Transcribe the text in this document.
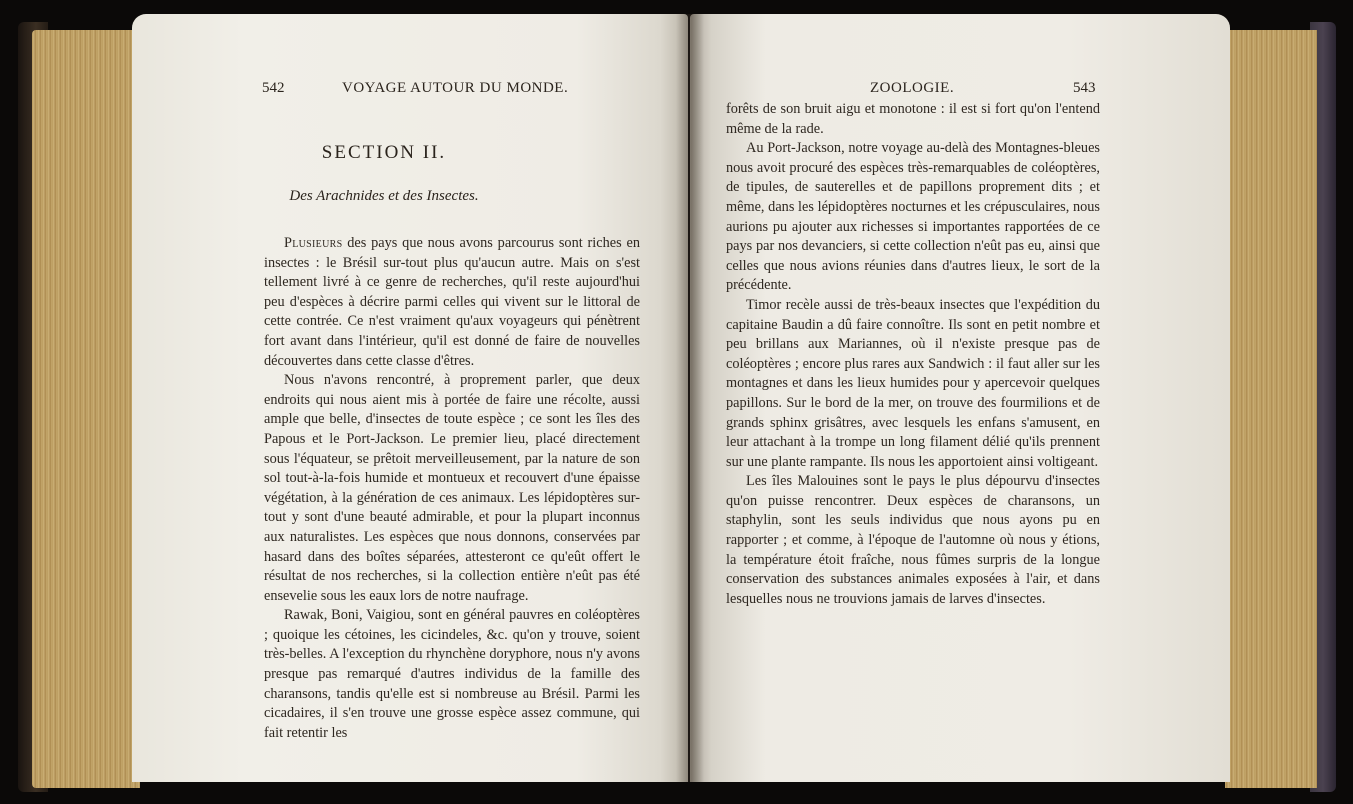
542	VOYAGE AUTOUR DU MONDE.
SECTION II.
Des Arachnides et des Insectes.

Plusieurs des pays que nous avons parcourus sont riches en insectes : le Brésil sur-tout plus qu'aucun autre. Mais on s'est tellement livré à ce genre de recherches, qu'il reste aujourd'hui peu d'espèces à décrire parmi celles qui vivent sur le littoral de cette contrée. Ce n'est vraiment qu'aux voyageurs qui pénètrent fort avant dans l'intérieur, qu'il est donné de faire de nouvelles découvertes dans cette classe d'êtres.

Nous n'avons rencontré, à proprement parler, que deux endroits qui nous aient mis à portée de faire une récolte, aussi ample que belle, d'insectes de toute espèce ; ce sont les îles des Papous et le Port-Jackson. Le premier lieu, placé directement sous l'équateur, se prêtoit merveilleusement, par la nature de son sol tout-à-la-fois humide et montueux et recouvert d'une épaisse végétation, à la génération de ces animaux. Les lépidoptères sur-tout y sont d'une beauté admirable, et pour la plupart inconnus aux naturalistes. Les espèces que nous donnons, conservées par hasard dans des boîtes séparées, attesteront ce qu'eût offert le résultat de nos recherches, si la collection entière n'eût pas été ensevelie sous les eaux lors de notre naufrage.

Rawak, Boni, Vaigiou, sont en général pauvres en coléoptères ; quoique les cétoines, les cicindeles, &c. qu'on y trouve, soient très-belles. A l'exception du rhynchène doryphore, nous n'y avons presque pas remarqué d'autres individus de la famille des charansons, tandis qu'elle est si nombreuse au Brésil. Parmi les cicadaires, il s'en trouve une grosse espèce assez commune, qui fait retentir les

ZOOLOGIE.	543

forêts de son bruit aigu et monotone : il est si fort qu'on l'entend même de la rade.

Au Port-Jackson, notre voyage au-delà des Montagnes-bleues nous avoit procuré des espèces très-remarquables de coléoptères, de tipules, de sauterelles et de papillons proprement dits ; et même, dans les lépidoptères nocturnes et les crépusculaires, nous aurions pu ajouter aux richesses si importantes rapportées de ce pays par nos devanciers, si cette collection n'eût pas eu, ainsi que celles que nous avions réunies dans d'autres lieux, le sort de la précédente.

Timor recèle aussi de très-beaux insectes que l'expédition du capitaine Baudin a dû faire connoître. Ils sont en petit nombre et peu brillans aux Mariannes, où il n'existe presque pas de coléoptères ; encore plus rares aux Sandwich : il faut aller sur les montagnes et dans les lieux humides pour y apercevoir quelques papillons. Sur le bord de la mer, on trouve des fourmilions et de grands sphinx grisâtres, avec lesquels les enfans s'amusent, en leur attachant à la trompe un long filament délié qu'ils prennent sur une plante rampante. Ils nous les apportoient ainsi voltigeant.

Les îles Malouines sont le pays le plus dépourvu d'insectes qu'on puisse rencontrer. Deux espèces de charansons, un staphylin, sont les seuls individus que nous ayons pu en rapporter ; et comme, à l'époque de l'automne où nous y étions, la température étoit fraîche, nous fûmes surpris de la longue conservation des substances animales exposées à l'air, et dans lesquelles nous ne trouvions jamais de larves d'insectes.
